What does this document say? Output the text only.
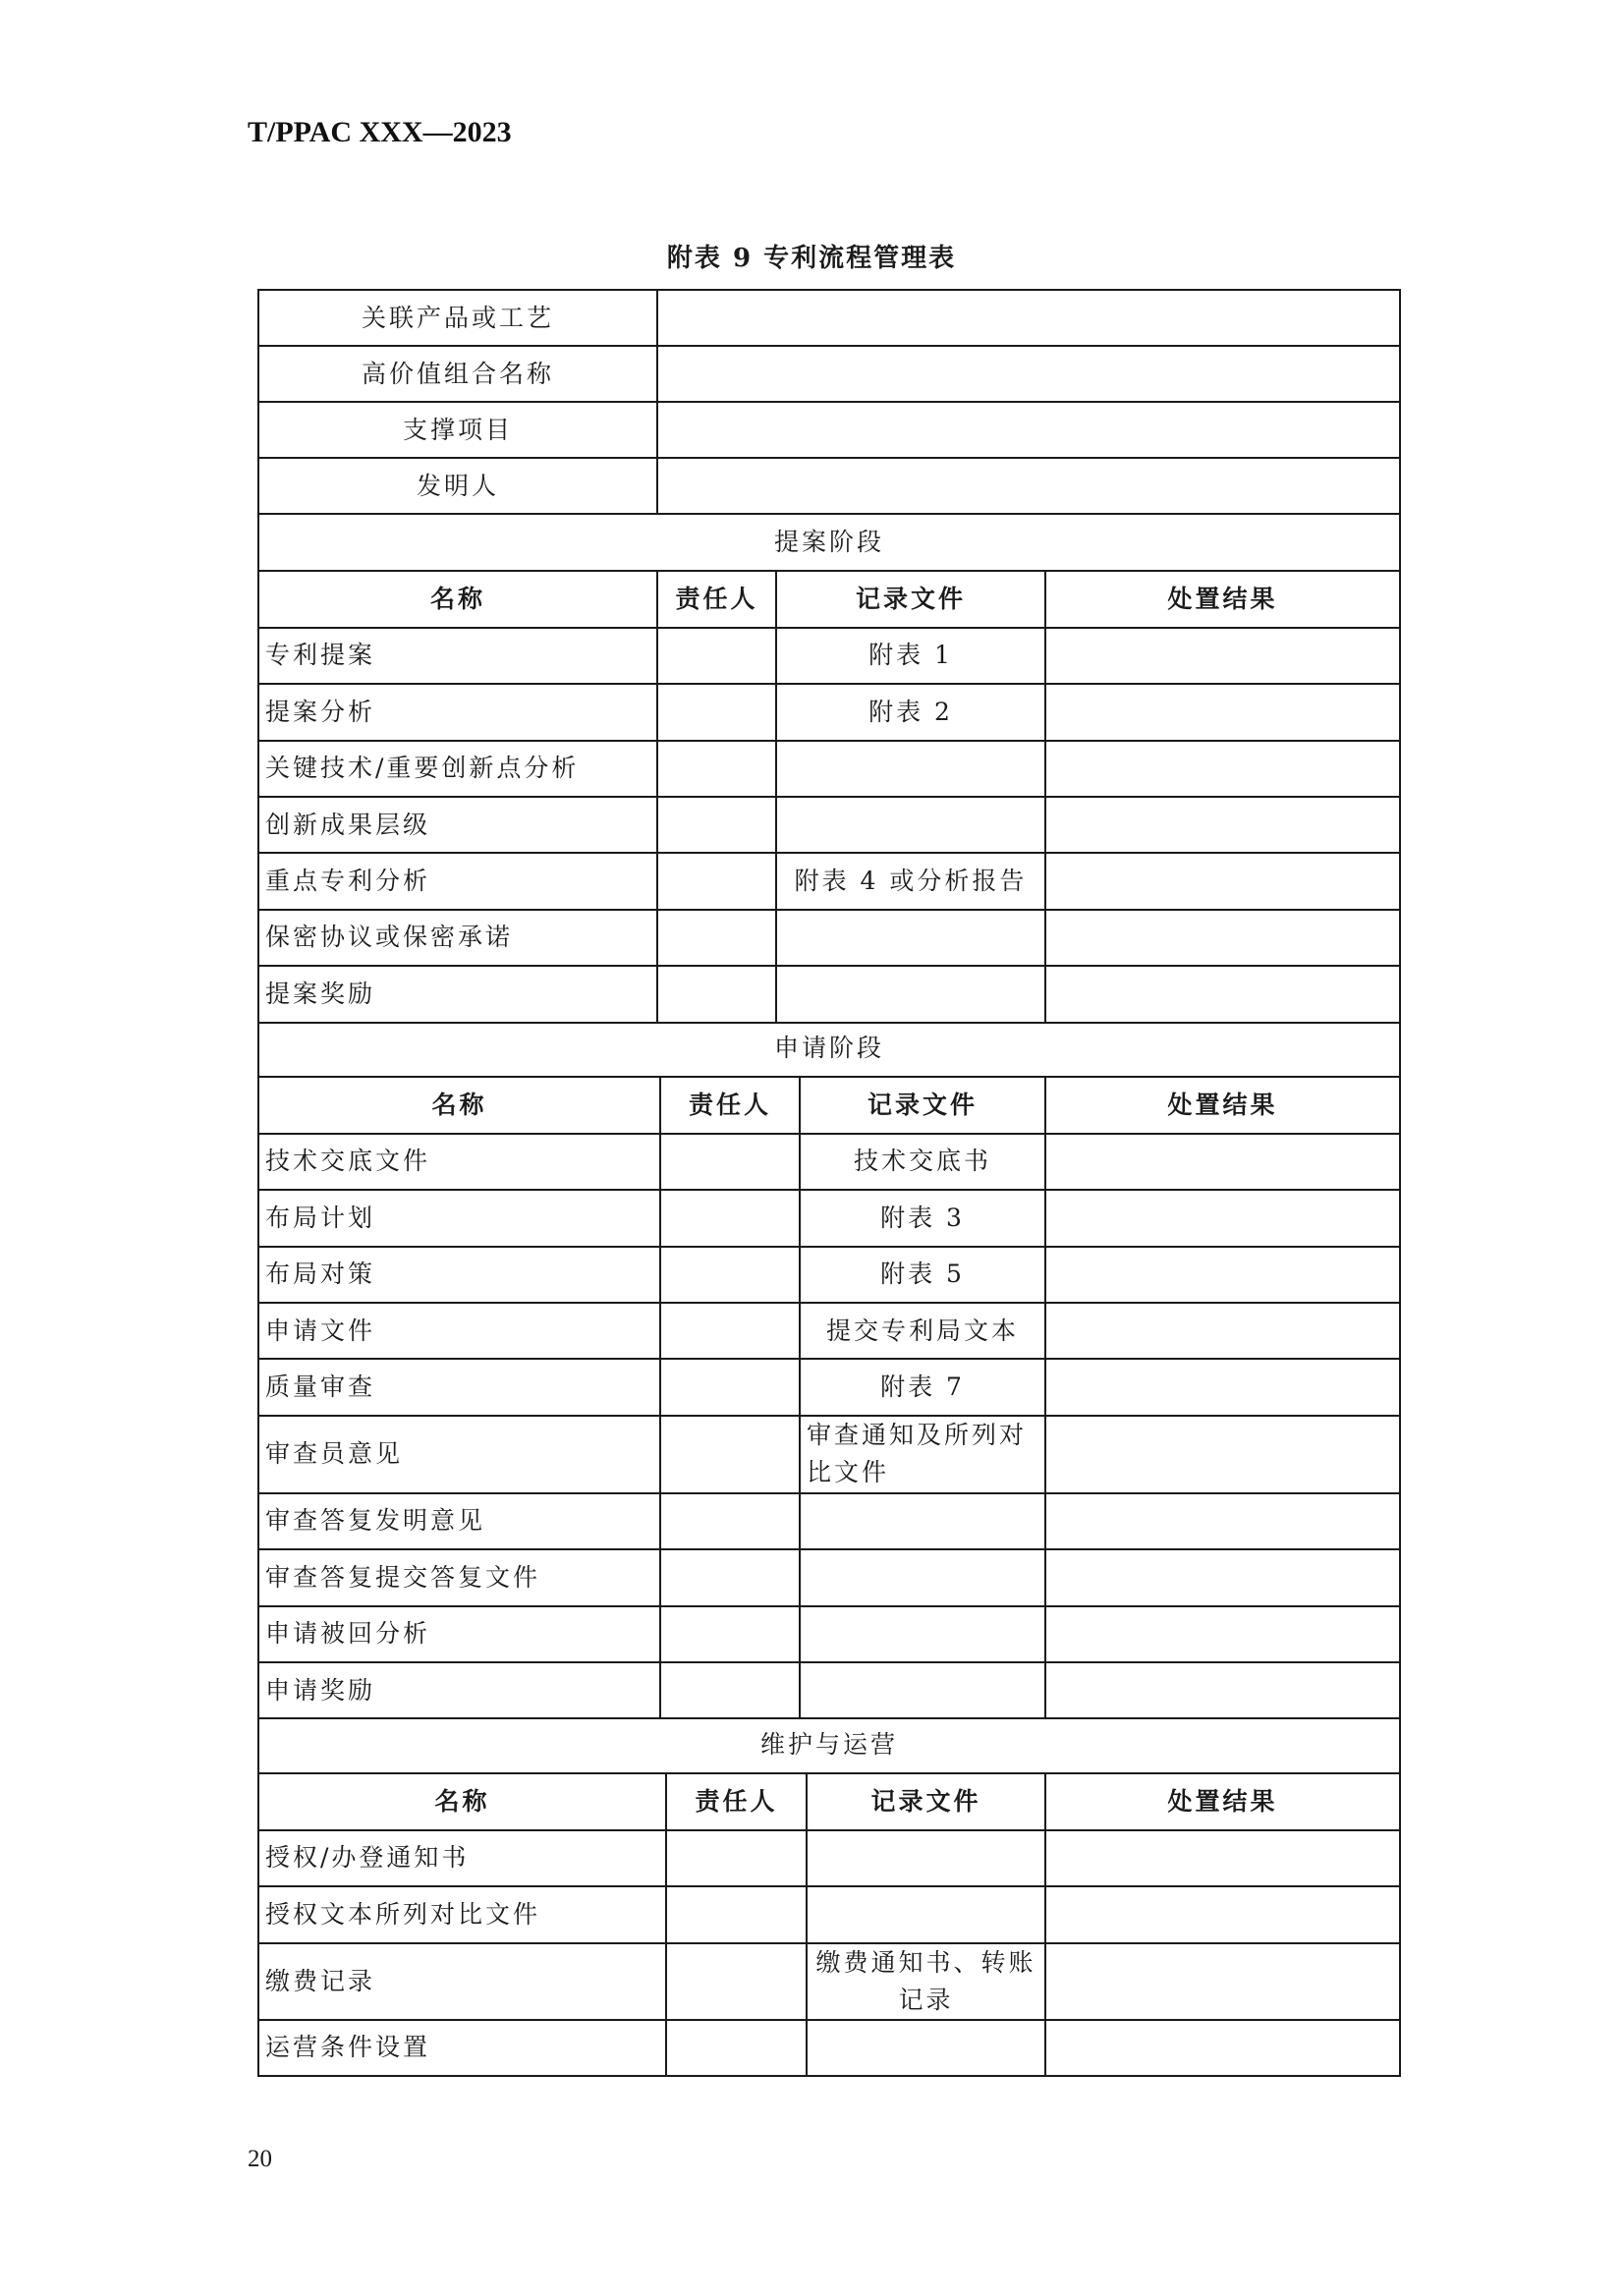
T/PPAC XXX—2023
附表 9 专利流程管理表
关联产品或工艺	
高价值组合名称	
支撑项目	
发明人	
提案阶段			
名称	责任人	记录文件	处置结果
专利提案		附表 1	
提案分析		附表 2	
关键技术/重要创新点分析			
创新成果层级			
重点专利分析		附表 4 或分析报告	
保密协议或保密承诺			
提案奖励			
申请阶段			
名称	责任人	记录文件	处置结果
技术交底文件		技术交底书	
布局计划		附表 3	
布局对策		附表 5	
申请文件		提交专利局文本	
质量审查		附表 7	
审查员意见		审查通知及所列对比文件	
审查答复发明意见			
审查答复提交答复文件			
申请被回分析			
申请奖励			
维护与运营			
名称	责任人	记录文件	处置结果
授权/办登通知书			
授权文本所列对比文件			
缴费记录		缴费通知书、转账记录	
运营条件设置			
20
